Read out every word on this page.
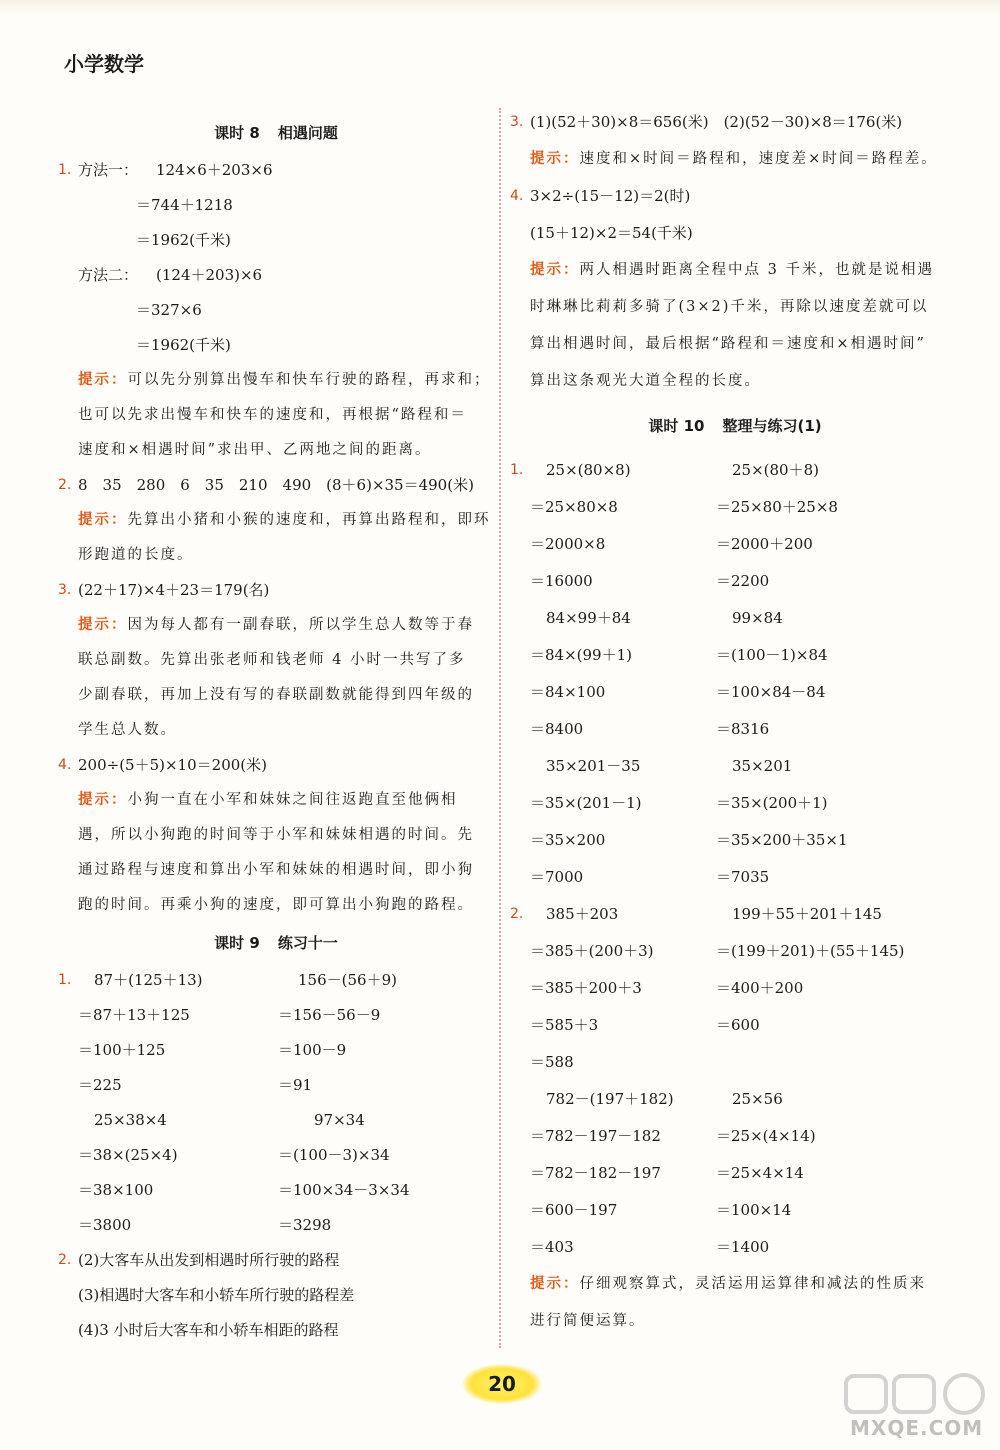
小学数学
课时 8 相遇问题
1. 方法一：	124×6＋203×6
＝744＋1218
＝1962(千米)
方法二：	(124＋203)×6
＝327×6
＝1962(千米)
提示： 可以先分别算出慢车和快车行驶的路程，再求和；
也可以先求出慢车和快车的速度和，再根据“路程和＝
速度和×相遇时间”求出甲、乙两地之间的距离。
2. 8　35　280　6　35　210　490　(8＋6)×35＝490(米)
提示： 先算出小猪和小猴的速度和，再算出路程和，即环
形跑道的长度。
3. (22＋17)×4＋23＝179(名)
提示： 因为每人都有一副春联，所以学生总人数等于春
联总副数。先算出张老师和钱老师 4 小时一共写了多
少副春联，再加上没有写的春联副数就能得到四年级的
学生总人数。
4. 200÷(5＋5)×10＝200(米)
提示： 小狗一直在小军和妹妹之间往返跑直至他俩相
遇，所以小狗跑的时间等于小军和妹妹相遇的时间。先
通过路程与速度和算出小军和妹妹的相遇时间，即小狗
跑的时间。再乘小狗的速度，即可算出小狗跑的路程。
课时 9 练习十一
1.	87＋(125＋13)	156－(56＋9)
＝87＋13＋125	＝156－56－9
＝100＋125	＝100－9
＝225	＝91
25×38×4	97×34
＝38×(25×4)	＝(100－3)×34
＝38×100	＝100×34－3×34
＝3800	＝3298
2. (2)大客车从出发到相遇时所行驶的路程
(3)相遇时大客车和小轿车所行驶的路程差
(4)3 小时后大客车和小轿车相距的路程
3. (1)(52＋30)×8＝656(米)　(2)(52－30)×8＝176(米)
提示： 速度和×时间＝路程和，速度差×时间＝路程差。
4. 3×2÷(15－12)＝2(时)
(15＋12)×2＝54(千米)
提示： 两人相遇时距离全程中点 3 千米，也就是说相遇
时琳琳比莉莉多骑了(3×2)千米，再除以速度差就可以
算出相遇时间，最后根据“路程和＝速度和×相遇时间”
算出这条观光大道全程的长度。
课时 10 整理与练习(1)
1.	25×(80×8)	25×(80＋8)
＝25×80×8	＝25×80＋25×8
＝2000×8	＝2000＋200
＝16000	＝2200
84×99＋84	99×84
＝84×(99＋1)	＝(100－1)×84
＝84×100	＝100×84－84
＝8400	＝8316
35×201－35	35×201
＝35×(201－1)	＝35×(200＋1)
＝35×200	＝35×200＋35×1
＝7000	＝7035
2.	385＋203	199＋55＋201＋145
＝385＋(200＋3)	＝(199＋201)＋(55＋145)
＝385＋200＋3	＝400＋200
＝585＋3	＝600
＝588
782－(197＋182)	25×56
＝782－197－182	＝25×(4×14)
＝782－182－197	＝25×4×14
＝600－197	＝100×14
＝403	＝1400
提示： 仔细观察算式，灵活运用运算律和减法的性质来
进行简便运算。
20
MXQE.COM
